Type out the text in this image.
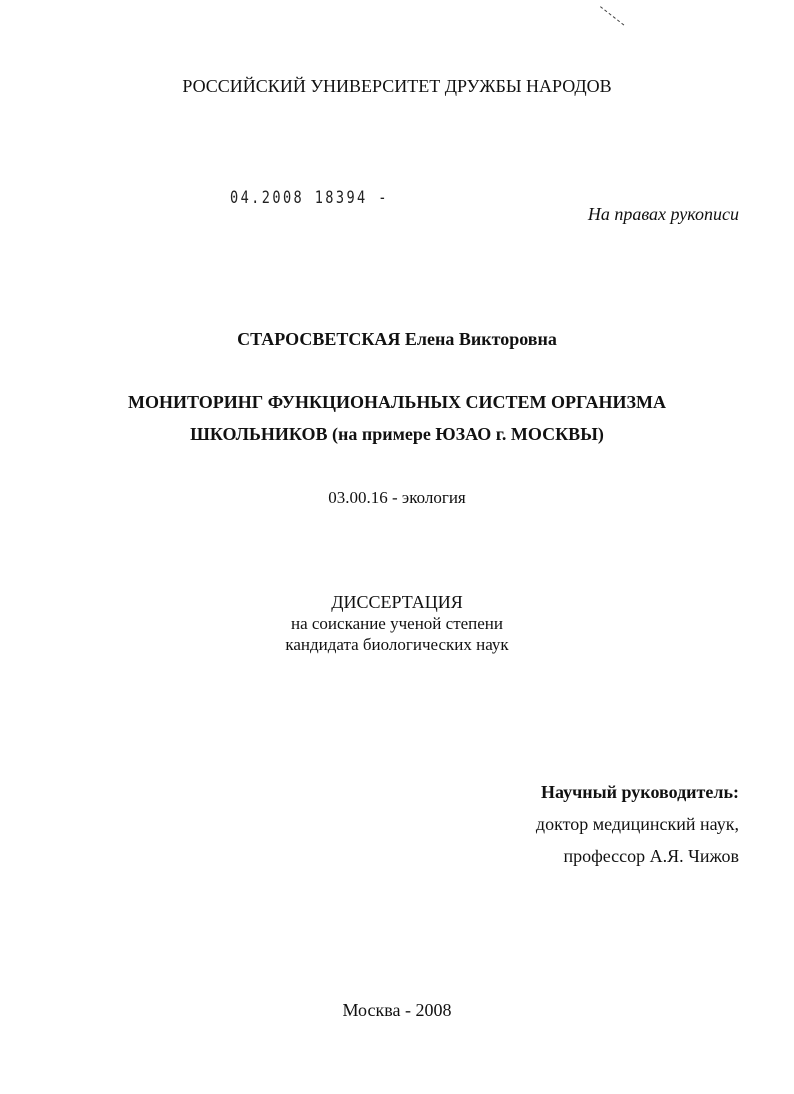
РОССИЙСКИЙ УНИВЕРСИТЕТ ДРУЖБЫ НАРОДОВ
04.2008 18394 -
На правах рукописи
СТАРОСВЕТСКАЯ Елена Викторовна
МОНИТОРИНГ ФУНКЦИОНАЛЬНЫХ СИСТЕМ ОРГАНИЗМА
ШКОЛЬНИКОВ (на примере ЮЗАО г. МОСКВЫ)
03.00.16 - экология
ДИССЕРТАЦИЯ
на соискание ученой степени
кандидата биологических наук
Научный руководитель:
доктор медицинский наук,
профессор А.Я. Чижов
Москва - 2008
